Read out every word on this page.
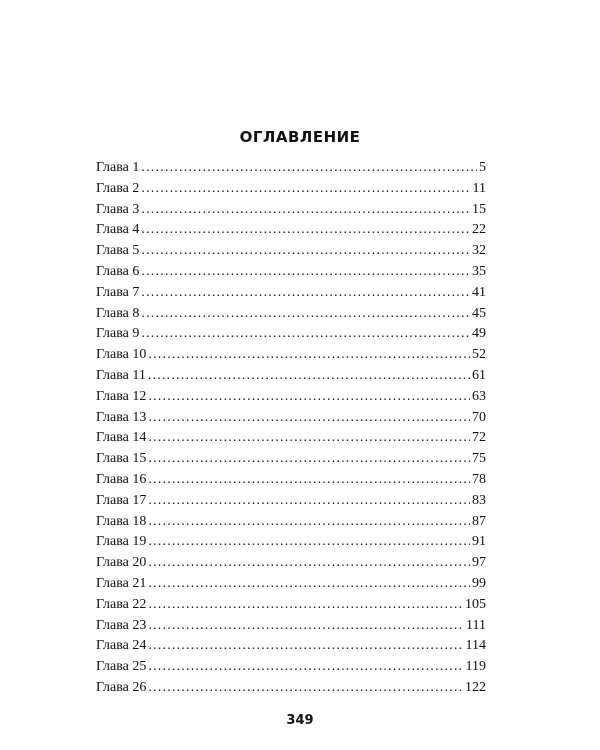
ОГЛАВЛЕНИЕ
Глава 1 .....	5
Глава 2 .....	11
Глава 3 .....	15
Глава 4 .....	22
Глава 5 .....	32
Глава 6 .....	35
Глава 7 .....	41
Глава 8 .....	45
Глава 9 .....	49
Глава 10 .....	52
Глава 11 .....	61
Глава 12 .....	63
Глава 13 .....	70
Глава 14 .....	72
Глава 15 .....	75
Глава 16 .....	78
Глава 17 .....	83
Глава 18 .....	87
Глава 19 .....	91
Глава 20 .....	97
Глава 21 .....	99
Глава 22 .....	105
Глава 23 .....	111
Глава 24 .....	114
Глава 25 .....	119
Глава 26 .....	122
349
